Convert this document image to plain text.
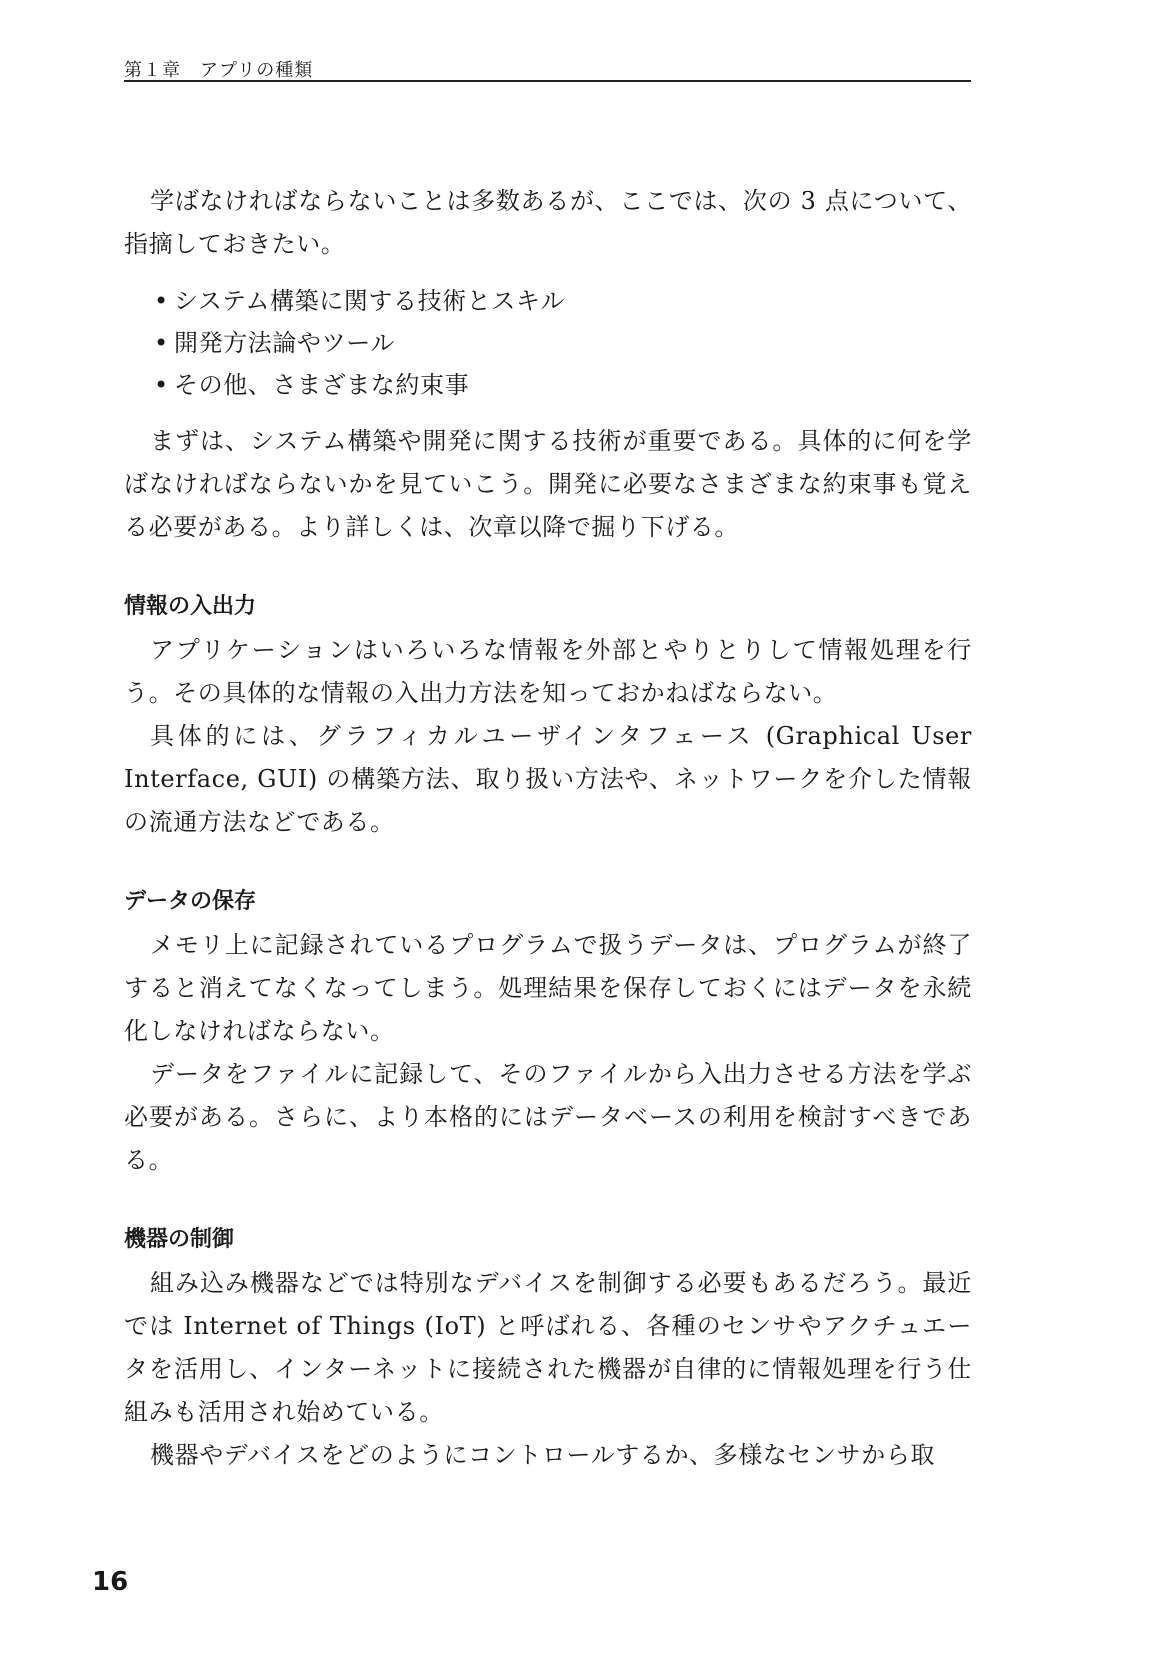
第１章　アプリの種類

学ばなければならないことは多数あるが、ここでは、次の 3 点について、指摘しておきたい。

• システム構築に関する技術とスキル
• 開発方法論やツール
• その他、さまざまな約束事

まずは、システム構築や開発に関する技術が重要である。具体的に何を学ばなければならないかを見ていこう。開発に必要なさまざまな約束事も覚える必要がある。より詳しくは、次章以降で掘り下げる。

情報の入出力

アプリケーションはいろいろな情報を外部とやりとりして情報処理を行う。その具体的な情報の入出力方法を知っておかねばならない。

具体的には、グラフィカルユーザインタフェース (Graphical User Interface, GUI) の構築方法、取り扱い方法や、ネットワークを介した情報の流通方法などである。

データの保存

メモリ上に記録されているプログラムで扱うデータは、プログラムが終了すると消えてなくなってしまう。処理結果を保存しておくにはデータを永続化しなければならない。

データをファイルに記録して、そのファイルから入出力させる方法を学ぶ必要がある。さらに、より本格的にはデータベースの利用を検討すべきである。

機器の制御

組み込み機器などでは特別なデバイスを制御する必要もあるだろう。最近では Internet of Things (IoT) と呼ばれる、各種のセンサやアクチュエータを活用し、インターネットに接続された機器が自律的に情報処理を行う仕組みも活用され始めている。

機器やデバイスをどのようにコントロールするか、多様なセンサから取

16
